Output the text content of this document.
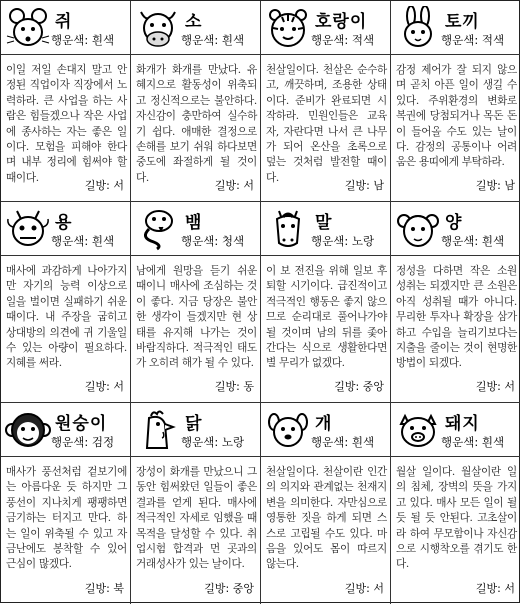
쥐
행운색: 흰색
이일 저일 손대지 말고 안정된 직업이자 직장에서 노력하라. 큰 사업을 하는 사람은 힘들겠으나 작은 사업에 종사하는 자는 좋은 일이다. 모험을 피해야 한다며 내부 정리에 힘써야 할 때이다.
길방: 서
소
행운색: 흰색
화개가 화개를 만났다. 유혜지으로 활동성이 위축되고 정신적으로는 불안하다. 자신감이 충만하여 실수하기 쉽다. 애매한 결정으로 손해를 보기 쉬워 하다보면 중도에 좌절하게 될 것이다.
길방: 서
호랑이
행운색: 적색
천살일이다. 천살은 순수하고, 깨끗하며, 조용한 상태이다. 준비가 완료되면 시작하라. 민원인들은 교육자, 자란다면 나서 큰 나무가 되어 온산을 초록으로 덮는 것처럼 발전할 때이다.
길방: 남
토끼
행운색: 적색
감정 제어가 잘 되지 않으며 곧치 아픈 일이 생길 수 있다. 주위환경의 변화로 복권에 당첨되거나 목돈 돈이 들어올 수도 있는 날이다. 감정의 공통이나 어려움은 용띠에게 부탁하라.
길방: 남
용
행운색: 흰색
매사에 과감하게 나아가지만 자기의 능력 이상으로 일을 벌이면 실패하기 쉬운 때이다. 내 주장을 굽히고 상대방의 의견에 귀 기울일 수 있는 아량이 필요하다. 지혜를 써라.
길방: 서
뱀
행운색: 청색
남에게 원망을 듣기 쉬운 때이니 매사에 조심하는 것이 좋다. 지금 당장은 불안한 생각이 들겠지만 현 상태를 유지해 나가는 것이 바람직하다. 적극적인 태도가 오히려 해가 될 수 있다.
길방: 동
말
행운색: 노랑
이 보 전진을 위해 일보 후퇴할 시기이다. 급진적이고 적극적인 행동은 좋지 않으므로 순리대로 풀어나가야 될 것이며 남의 뒤를 좇아간다는 식으로 생활한다면 별 무리가 없겠다.
길방: 중앙
양
행운색: 흰색
정성을 다하면 작은 소원 성취는 되겠지만 큰 소원은 아직 성취될 때가 아니다. 무리한 투자나 확장을 삼가하고 수입을 늘리기보다는 지출을 줄이는 것이 현명한 방법이 되겠다.
길방: 서
원숭이
행운색: 검정
매사가 풍선처럼 겉보기에는 아름다운 듯 하지만 그 풍선이 지나치게 팽팽하면 금기하는 터지고 만다. 하는 일이 위축될 수 있고 자금난에도 봉착할 수 있어 근심이 많겠다.
길방: 북
닭
행운색: 노랑
장성이 화개를 만났으니 그동안 힘써왔던 일들이 좋은 결과를 얻게 된다. 매사에 적극적인 자세로 임했을 때 목적을 달성할 수 있다. 취업시험 합격과 먼 곳과의 거래성사가 있는 날이다.
길방: 중앙
개
행운색: 흰색
천살일이다. 천살이란 인간의 의지와 관계없는 천재지변을 의미한다. 자만심으로 영통한 짓을 하게 되면 스스로 고립될 수도 있다. 마음을 있어도 몸이 따르지 않는다.
길방: 서
돼지
행운색: 흰색
월살 일이다. 월살이란 일의 침체, 장벽의 뜻을 가지고 있다. 매사 모든 일이 될 듯 될 듯 안된다. 고초살이라 하여 무모함이나 자신감으로 시행착오를 겪기도 한다.
길방: 서
